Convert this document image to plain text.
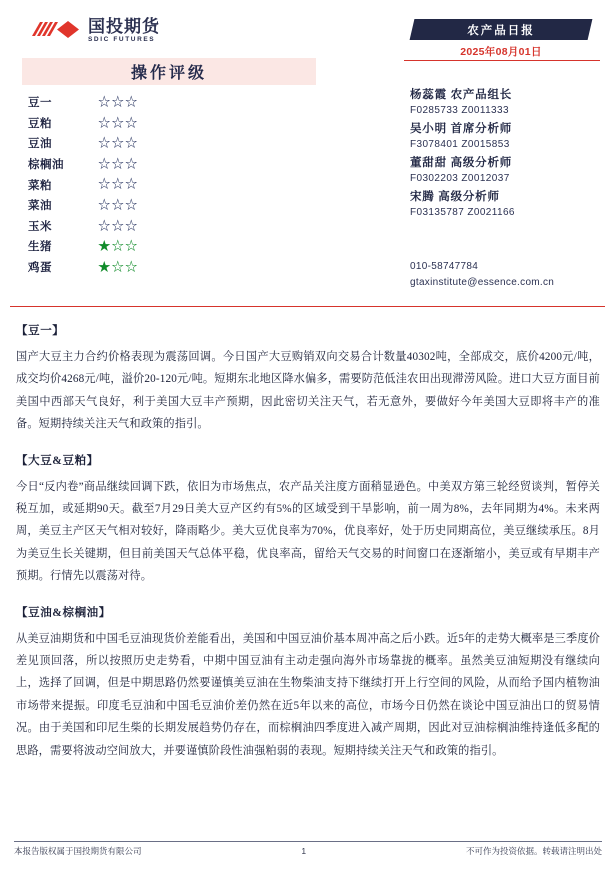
国投期货
SDIC FUTURES
操作评级
豆一	☆ ☆ ☆
豆粕	☆ ☆ ☆
豆油	☆ ☆ ☆
棕榈油	☆ ☆ ☆
菜粕	☆ ☆ ☆
菜油	☆ ☆ ☆
玉米	☆ ☆ ☆
生猪	★ ☆ ☆
鸡蛋	★ ☆ ☆
农产品日报
2025年08月01日
杨蕊霞 农产品组长
F0285733 Z0011333
吴小明 首席分析师
F3078401 Z0015853
董甜甜 高级分析师
F0302203 Z0012037
宋腾 高级分析师
F03135787 Z0021166
010-58747784
gtaxinstitute@essence.com.cn
【豆一】
国产大豆主力合约价格表现为震荡回调。今日国产大豆购销双向交易合计数量40302吨，全部成交，底价4200元/吨，成交均价4268元/吨，溢价20-120元/吨。短期东北地区降水偏多，需要防范低洼农田出现滞涝风险。进口大豆方面目前美国中西部天气良好，利于美国大豆丰产预期，因此密切关注天气，若无意外，要做好今年美国大豆即将丰产的准备。短期持续关注天气和政策的指引。
【大豆&豆粕】
今日“反内卷”商品继续回调下跌，依旧为市场焦点，农产品关注度方面稍显逊色。中美双方第三轮经贸谈判，暂停关税互加，或延期90天。截至7月29日美大豆产区约有5%的区域受到干旱影响，前一周为8%，去年同期为4%。未来两周，美豆主产区天气相对较好，降雨略少。美大豆优良率为70%，优良率好，处于历史同期高位，美豆继续承压。8月为美豆生长关键期，但目前美国天气总体平稳，优良率高，留给天气交易的时间窗口在逐渐缩小，美豆或有早期丰产预期。行情先以震荡对待。
【豆油&棕榈油】
从美豆油期货和中国毛豆油现货价差能看出，美国和中国豆油价基本周冲高之后小跌。近5年的走势大概率是三季度价差见顶回落，所以按照历史走势看，中期中国豆油有主动走强向海外市场靠拢的概率。虽然美豆油短期没有继续向上，选择了回调，但是中期思路仍然要谨慎美豆油在生物柴油支持下继续打开上行空间的风险，从而给予国内植物油市场带来提振。印度毛豆油和中国毛豆油价差仍然在近5年以来的高位，市场今日仍然在谈论中国豆油出口的贸易情况。由于美国和印尼生柴的长期发展趋势仍存在，而棕榈油四季度进入减产周期，因此对豆油棕榈油维持逢低多配的思路，需要将波动空间放大，并要谨慎阶段性油强粕弱的表现。短期持续关注天气和政策的指引。
本报告版权属于国投期货有限公司	1	不可作为投资依据。转载请注明出处
